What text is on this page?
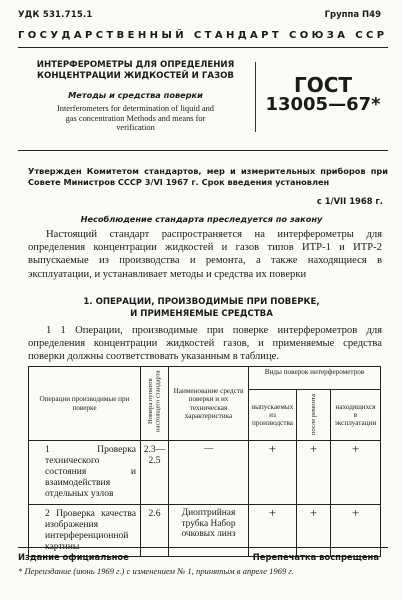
УДК 531.715.1	Группа П49
ГОСУДАРСТВЕННЫЙ СТАНДАРТ СОЮЗА ССР
ИНТЕРФЕРОМЕТРЫ ДЛЯ ОПРЕДЕЛЕНИЯ
КОНЦЕНТРАЦИИ ЖИДКОСТЕЙ И ГАЗОВ
Методы и средства поверки
Interferometers for determination of liquid and
gas concentration Methods and means for
verification
ГОСТ
13005—67*
Утвержден Комитетом стандартов, мер и измерительных приборов при Совете Министров СССР 3/VI 1967 г. Срок введения установлен
с 1/VII 1968 г.
Несоблюдение стандарта преследуется по закону
Настоящий стандарт распространяется на интерферометры для определения концентрации жидкостей и газов типов ИТР-1 и ИТР-2 выпускаемые из производства и ремонта, а также находящиеся в эксплуатации, и устанавливает методы и средства их поверки
1. ОПЕРАЦИИ, ПРОИЗВОДИМЫЕ ПРИ ПОВЕРКЕ,
И ПРИМЕНЯЕМЫЕ СРЕДСТВА
1 1 Операции, производимые при поверке интерферометров для определения концентрации жидкостей газов, и применяемые средства поверки должны соответствовать указанным в таблице.
Операции производимые при поверке	Номера пунктов настоящего стандарта	Наименование средств поверки и их техническая характеристика	Виды поверок интерферометров		
			выпускаемых из производства	после ремонта	находящихся в эксплуатации
1 Проверка технического состояния и взаимодействия отдельных узлов	2.3— 2.5	—	+	+	+
2 Проверка качества изображения интерференционной картины	2.6	Диоптрийная трубка Набор очковых линз	+	+	+
Издание официальное	Перепечатка воспрещена
* Переиздание (июнь 1969 г.) с изменением № 1, принятым в апреле 1969 г.
